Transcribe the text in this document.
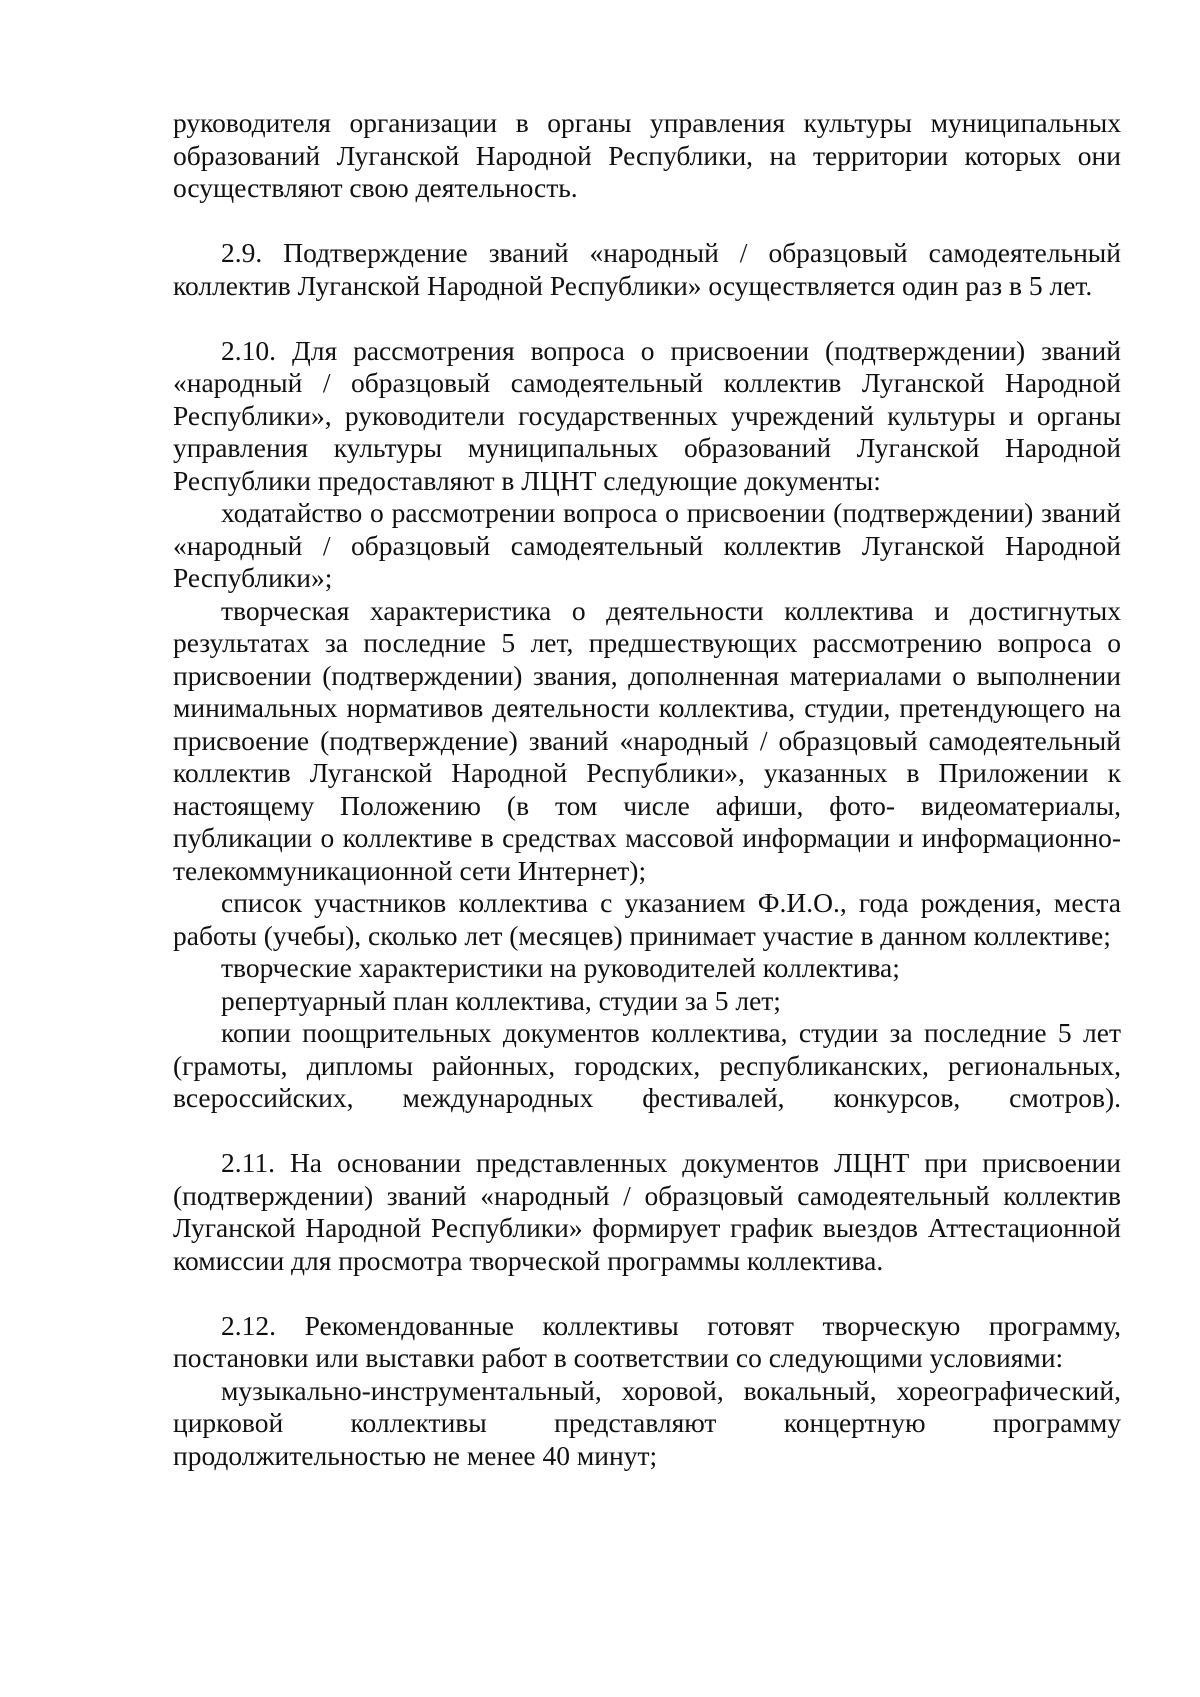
руководителя организации в органы управления культуры муниципальных образований Луганской Народной Республики, на территории которых они осуществляют свою деятельность.

2.9. Подтверждение званий «народный / образцовый самодеятельный коллектив Луганской Народной Республики» осуществляется один раз в 5 лет.

2.10. Для рассмотрения вопроса о присвоении (подтверждении) званий «народный / образцовый самодеятельный коллектив Луганской Народной Республики», руководители государственных учреждений культуры и органы управления культуры муниципальных образований Луганской Народной Республики предоставляют в ЛЦНТ следующие документы:

ходатайство о рассмотрении вопроса о присвоении (подтверждении) званий «народный / образцовый самодеятельный коллектив Луганской Народной Республики»;

творческая характеристика о деятельности коллектива и достигнутых результатах за последние 5 лет, предшествующих рассмотрению вопроса о присвоении (подтверждении) звания, дополненная материалами о выполнении минимальных нормативов деятельности коллектива, студии, претендующего на присвоение (подтверждение) званий «народный / образцовый самодеятельный коллектив Луганской Народной Республики», указанных в Приложении к настоящему Положению (в том числе афиши, фото- видеоматериалы, публикации о коллективе в средствах массовой информации и информационно-телекоммуникационной сети Интернет);

список участников коллектива с указанием Ф.И.О., года рождения, места работы (учебы), сколько лет (месяцев) принимает участие в данном коллективе;

творческие характеристики на руководителей коллектива;

репертуарный план коллектива, студии за 5 лет;

копии поощрительных документов коллектива, студии за последние 5 лет (грамоты, дипломы районных, городских, республиканских, региональных, всероссийских, международных фестивалей, конкурсов, смотров).

2.11. На основании представленных документов ЛЦНТ при присвоении (подтверждении) званий «народный / образцовый самодеятельный коллектив Луганской Народной Республики» формирует график выездов Аттестационной комиссии для просмотра творческой программы коллектива.

2.12. Рекомендованные коллективы готовят творческую программу, постановки или выставки работ в соответствии со следующими условиями:

музыкально-инструментальный, хоровой, вокальный, хореографический, цирковой коллективы представляют концертную программу продолжительностью не менее 40 минут;
